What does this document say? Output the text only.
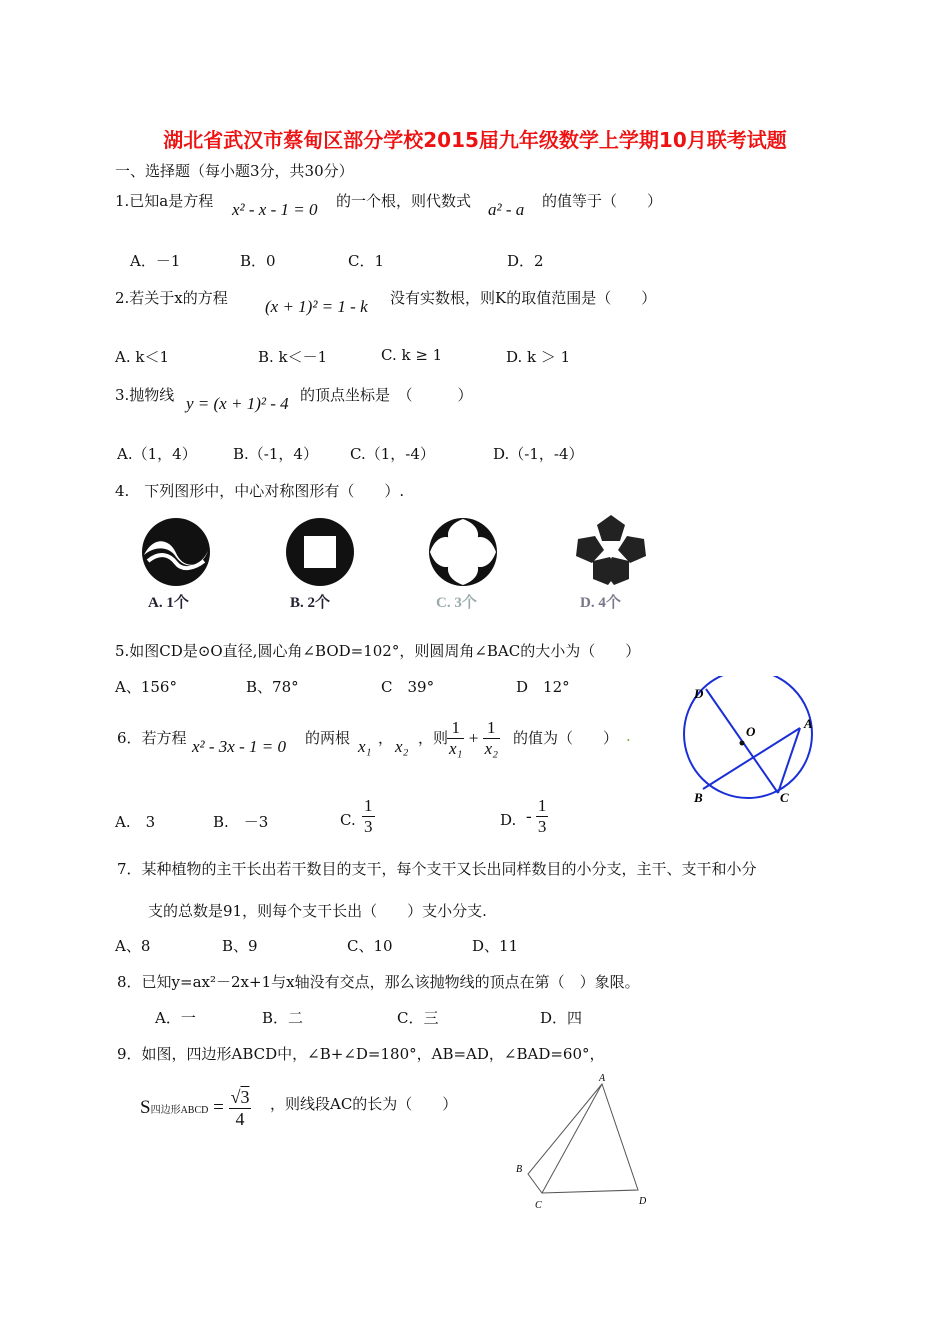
湖北省武汉市蔡甸区部分学校2015届九年级数学上学期10月联考试题
一、选择题（每小题3分，共30分）
1.已知a是方程 x² - x - 1 = 0 的一个根，则代数式 a² - a 的值等于（　　）
A．－1	B．0	C．1	D．2
2.若关于x的方程 (x + 1)² = 1 - k 没有实数根，则K的取值范围是（　　）
A. k＜1	B. k＜－1	C. k ≥ 1	D. k ＞ 1
3.抛物线 y = (x + 1)² - 4 的顶点坐标是　（　　　）
A.（1，4） B.（-1，4） C.（1，-4）	D.（-1，-4）
4.　下列图形中，中心对称图形有（　　）.
A. 1个	B. 2个	C. 3个	D. 4个
5.如图CD是⊙O直径,圆心角∠BOD=102°，则圆周角∠BAC的大小为（　　）
A、156°	B、78°	C　39°	D　12°	D
O
A
B	C
6．若方程 x² - 3x - 1 = 0 的两根 x₁ ， x₂ ，则
$\frac{1}{\text{x₁}} + \frac{1}{\text{x₂}}$ 的值为（　　） .
A.　3	B.　－3	C. $\frac{1}{3}$	D. - $\frac{1}{3}$
7．某种植物的主干长出若干数目的支干，每个支干又长出同样数目的小分支，主干、支干和小分
支的总数是91，则每个支干长出（　　）支小分支.
A、8	B、9	C、10	D、11
8．已知y=ax²－2x+1与x轴没有交点，那么该抛物线的顶点在第（　）象限。
A．一	B．二	C．三	D．四
9．如图，四边形ABCD中，∠B+∠D=180°，AB=AD，∠BAD=60°，
S四边形ABCD = $\frac{√3}{4}$ ，则线段AC的长为（　　）
A
B
C	D
